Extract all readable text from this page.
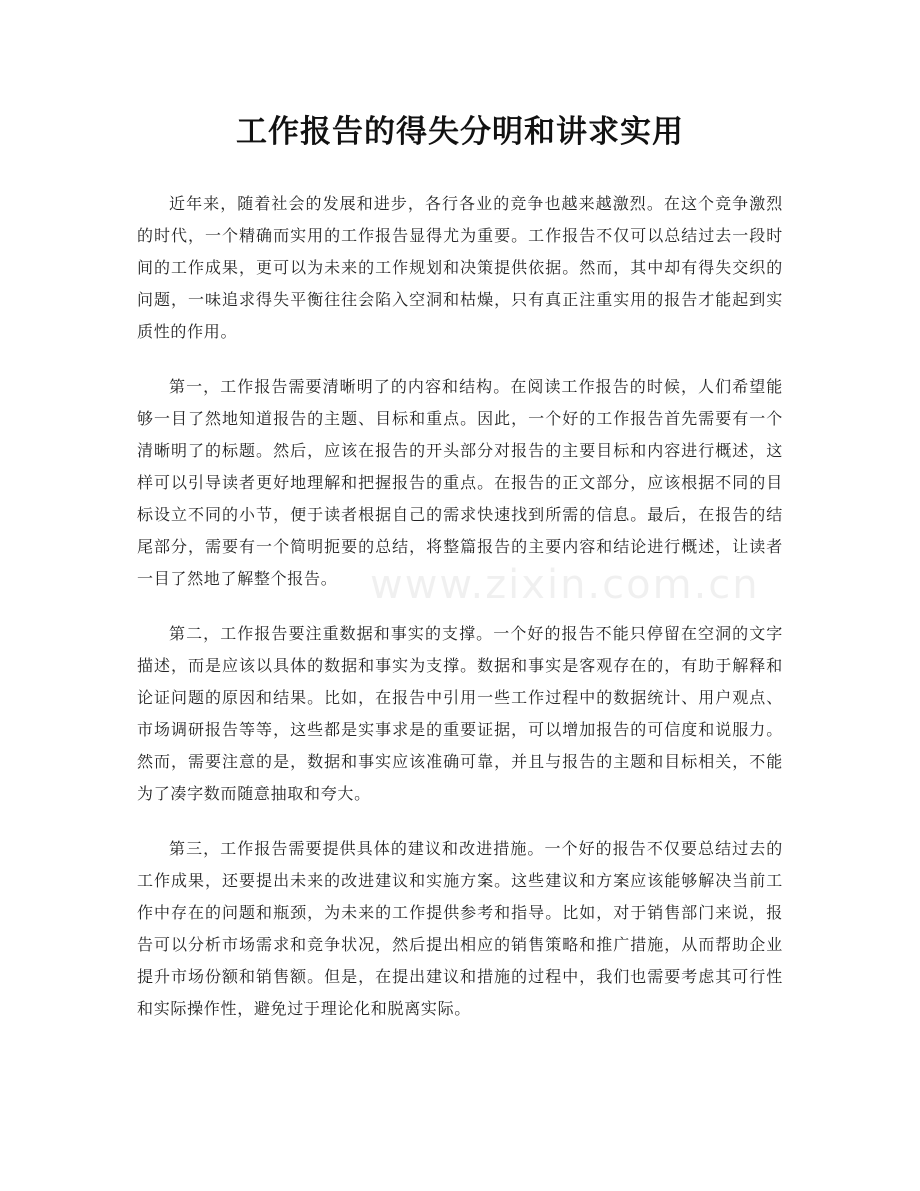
工作报告的得失分明和讲求实用

近年来，随着社会的发展和进步，各行各业的竞争也越来越激烈。在这个竞争激烈的时代，一个精确而实用的工作报告显得尤为重要。工作报告不仅可以总结过去一段时间的工作成果，更可以为未来的工作规划和决策提供依据。然而，其中却有得失交织的问题，一味追求得失平衡往往会陷入空洞和枯燥，只有真正注重实用的报告才能起到实质性的作用。

第一，工作报告需要清晰明了的内容和结构。在阅读工作报告的时候，人们希望能够一目了然地知道报告的主题、目标和重点。因此，一个好的工作报告首先需要有一个清晰明了的标题。然后，应该在报告的开头部分对报告的主要目标和内容进行概述，这样可以引导读者更好地理解和把握报告的重点。在报告的正文部分，应该根据不同的目标设立不同的小节，便于读者根据自己的需求快速找到所需的信息。最后，在报告的结尾部分，需要有一个简明扼要的总结，将整篇报告的主要内容和结论进行概述，让读者一目了然地了解整个报告。

第二，工作报告要注重数据和事实的支撑。一个好的报告不能只停留在空洞的文字描述，而是应该以具体的数据和事实为支撑。数据和事实是客观存在的，有助于解释和论证问题的原因和结果。比如，在报告中引用一些工作过程中的数据统计、用户观点、市场调研报告等等，这些都是实事求是的重要证据，可以增加报告的可信度和说服力。然而，需要注意的是，数据和事实应该准确可靠，并且与报告的主题和目标相关，不能为了凑字数而随意抽取和夸大。

第三，工作报告需要提供具体的建议和改进措施。一个好的报告不仅要总结过去的工作成果，还要提出未来的改进建议和实施方案。这些建议和方案应该能够解决当前工作中存在的问题和瓶颈，为未来的工作提供参考和指导。比如，对于销售部门来说，报告可以分析市场需求和竞争状况，然后提出相应的销售策略和推广措施，从而帮助企业提升市场份额和销售额。但是，在提出建议和措施的过程中，我们也需要考虑其可行性和实际操作性，避免过于理论化和脱离实际。

www.zixin.com.cn
